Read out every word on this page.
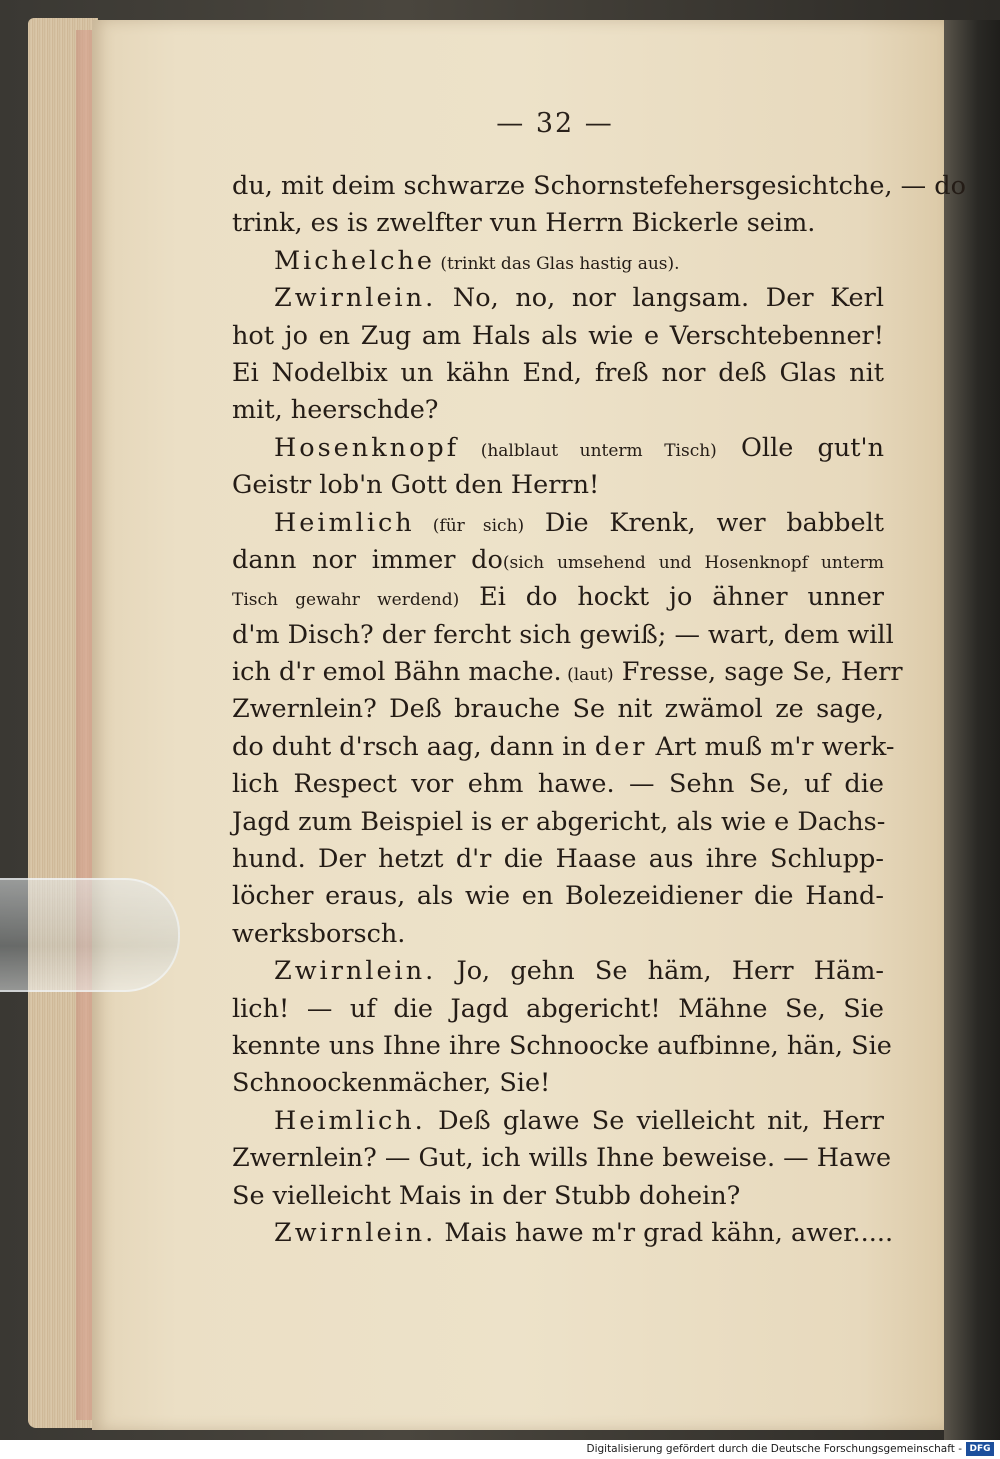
— 32 —
du, mit deim schwarze Schornstefehersgesichtche, — do
trink, es is zwelfter vun Herrn Bickerle seim.
Michelche (trinkt das Glas hastig aus).
Zwirnlein. No, no, nor langsam. Der Kerl
hot jo en Zug am Hals als wie e Verschtebenner!
Ei Nodelbix un kähn End, freß nor deß Glas nit
mit, heerschde?
Hosenknopf (halblaut unterm Tisch) Olle gut'n
Geistr lob'n Gott den Herrn!
Heimlich (für sich) Die Krenk, wer babbelt
dann nor immer do(sich umsehend und Hosenknopf unterm
Tisch gewahr werdend) Ei do hockt jo ähner unner
d'm Disch? der fercht sich gewiß; — wart, dem will
ich d'r emol Bähn mache. (laut) Fresse, sage Se, Herr
Zwernlein? Deß brauche Se nit zwämol ze sage,
do duht d'rsch aag, dann in der Art muß m'r werk-
lich Respect vor ehm hawe. — Sehn Se, uf die
Jagd zum Beispiel is er abgericht, als wie e Dachs-
hund. Der hetzt d'r die Haase aus ihre Schlupp-
löcher eraus, als wie en Bolezeidiener die Hand-
werksborsch.
Zwirnlein. Jo, gehn Se häm, Herr Häm-
lich! — uf die Jagd abgericht! Mähne Se, Sie
kennte uns Ihne ihre Schnoocke aufbinne, hän, Sie
Schnoockenmächer, Sie!
Heimlich. Deß glawe Se vielleicht nit, Herr
Zwernlein? — Gut, ich wills Ihne beweise. — Hawe
Se vielleicht Mais in der Stubb dohein?
Zwirnlein. Mais hawe m'r grad kähn, awer.....
Digitalisierung gefördert durch die Deutsche Forschungsgemeinschaft - DFG
